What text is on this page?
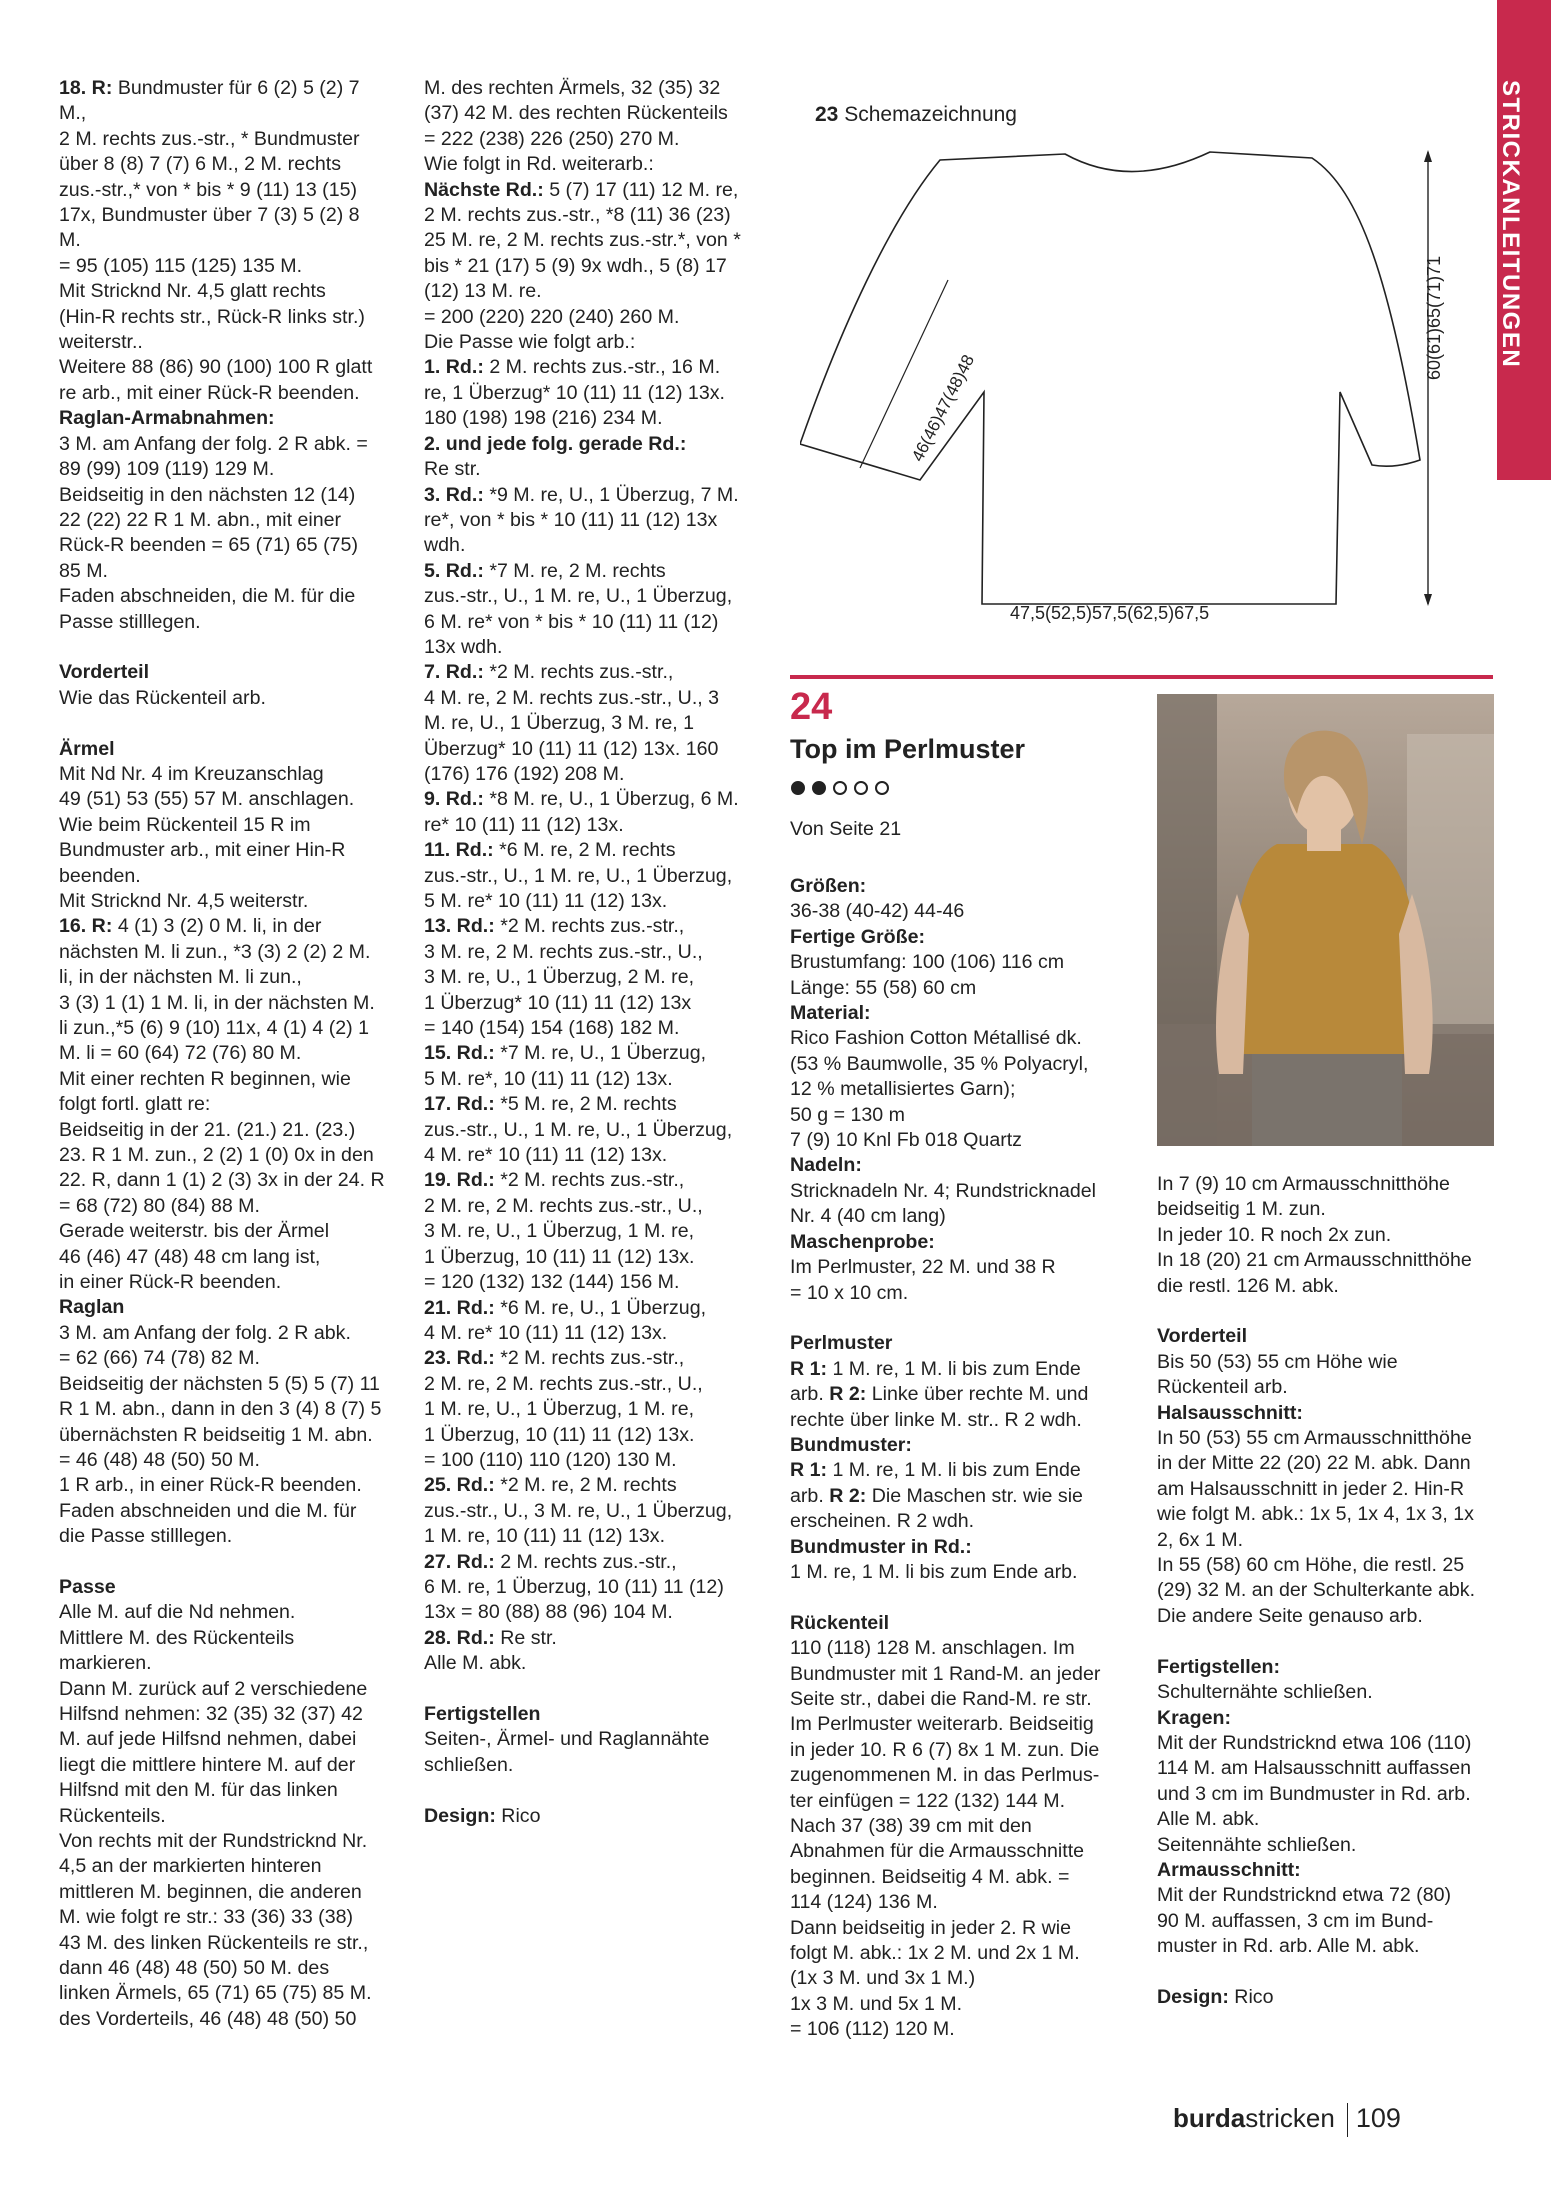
STRICKANLEITUNGEN
18. R: Bundmuster für 6 (2) 5 (2) 7
M.,
2 M. rechts zus.-str., * Bundmuster
über 8 (8) 7 (7) 6 M., 2 M. rechts
zus.-str.,* von * bis * 9 (11) 13 (15)
17x, Bundmuster über 7 (3) 5 (2) 8
M.
= 95 (105) 115 (125) 135 M.
Mit Stricknd Nr. 4,5 glatt rechts
(Hin-R rechts str., Rück-R links str.)
weiterstr..
Weitere 88 (86) 90 (100) 100 R glatt
re arb., mit einer Rück-R beenden.
Raglan-Armabnahmen:
3 M. am Anfang der folg. 2 R abk. =
89 (99) 109 (119) 129 M.
Beidseitig in den nächsten 12 (14)
22 (22) 22 R 1 M. abn., mit einer
Rück-R beenden = 65 (71) 65 (75)
85 M.
Faden abschneiden, die M. für die
Passe stilllegen.
Vorderteil
Wie das Rückenteil arb.
Ärmel
Mit Nd Nr. 4 im Kreuzanschlag
49 (51) 53 (55) 57 M. anschlagen.
Wie beim Rückenteil 15 R im
Bundmuster arb., mit einer Hin-R
beenden.
Mit Stricknd Nr. 4,5 weiterstr.
16. R: 4 (1) 3 (2) 0 M. li, in der
nächsten M. li zun., *3 (3) 2 (2) 2 M.
li, in der nächsten M. li zun.,
3 (3) 1 (1) 1 M. li, in der nächsten M.
li zun.,*5 (6) 9 (10) 11x, 4 (1) 4 (2) 1
M. li = 60 (64) 72 (76) 80 M.
Mit einer rechten R beginnen, wie
folgt fortl. glatt re:
Beidseitig in der 21. (21.) 21. (23.)
23. R 1 M. zun., 2 (2) 1 (0) 0x in den
22. R, dann 1 (1) 2 (3) 3x in der 24. R
= 68 (72) 80 (84) 88 M.
Gerade weiterstr. bis der Ärmel
46 (46) 47 (48) 48 cm lang ist,
in einer Rück-R beenden.
Raglan
3 M. am Anfang der folg. 2 R abk.
= 62 (66) 74 (78) 82 M.
Beidseitig der nächsten 5 (5) 5 (7) 11
R 1 M. abn., dann in den 3 (4) 8 (7) 5
übernächsten R beidseitig 1 M. abn.
= 46 (48) 48 (50) 50 M.
1 R arb., in einer Rück-R beenden.
Faden abschneiden und die M. für
die Passe stilllegen.
Passe
Alle M. auf die Nd nehmen.
Mittlere M. des Rückenteils
markieren.
Dann M. zurück auf 2 verschiedene
Hilfsnd nehmen: 32 (35) 32 (37) 42
M. auf jede Hilfsnd nehmen, dabei
liegt die mittlere hintere M. auf der
Hilfsnd mit den M. für das linken
Rückenteils.
Von rechts mit der Rundstricknd Nr.
4,5 an der markierten hinteren
mittleren M. beginnen, die anderen
M. wie folgt re str.: 33 (36) 33 (38)
43 M. des linken Rückenteils re str.,
dann 46 (48) 48 (50) 50 M. des
linken Ärmels, 65 (71) 65 (75) 85 M.
des Vorderteils, 46 (48) 48 (50) 50
M. des rechten Ärmels, 32 (35) 32
(37) 42 M. des rechten Rückenteils
= 222 (238) 226 (250) 270 M.
Wie folgt in Rd. weiterarb.:
Nächste Rd.: 5 (7) 17 (11) 12 M. re,
2 M. rechts zus.-str., *8 (11) 36 (23)
25 M. re, 2 M. rechts zus.-str.*, von *
bis * 21 (17) 5 (9) 9x wdh., 5 (8) 17
(12) 13 M. re.
= 200 (220) 220 (240) 260 M.
Die Passe wie folgt arb.:
1. Rd.: 2 M. rechts zus.-str., 16 M.
re, 1 Überzug* 10 (11) 11 (12) 13x.
180 (198) 198 (216) 234 M.
2. und jede folg. gerade Rd.:
Re str.
3. Rd.: *9 M. re, U., 1 Überzug, 7 M.
re*, von * bis * 10 (11) 11 (12) 13x
wdh.
5. Rd.: *7 M. re, 2 M. rechts
zus.-str., U., 1 M. re, U., 1 Überzug,
6 M. re* von * bis * 10 (11) 11 (12)
13x wdh.
7. Rd.: *2 M. rechts zus.-str.,
4 M. re, 2 M. rechts zus.-str., U., 3
M. re, U., 1 Überzug, 3 M. re, 1
Überzug* 10 (11) 11 (12) 13x. 160
(176) 176 (192) 208 M.
9. Rd.: *8 M. re, U., 1 Überzug, 6 M.
re* 10 (11) 11 (12) 13x.
11. Rd.: *6 M. re, 2 M. rechts
zus.-str., U., 1 M. re, U., 1 Überzug,
5 M. re* 10 (11) 11 (12) 13x.
13. Rd.: *2 M. rechts zus.-str.,
3 M. re, 2 M. rechts zus.-str., U.,
3 M. re, U., 1 Überzug, 2 M. re,
1 Überzug* 10 (11) 11 (12) 13x
= 140 (154) 154 (168) 182 M.
15. Rd.: *7 M. re, U., 1 Überzug,
5 M. re*, 10 (11) 11 (12) 13x.
17. Rd.: *5 M. re, 2 M. rechts
zus.-str., U., 1 M. re, U., 1 Überzug,
4 M. re* 10 (11) 11 (12) 13x.
19. Rd.: *2 M. rechts zus.-str.,
2 M. re, 2 M. rechts zus.-str., U.,
3 M. re, U., 1 Überzug, 1 M. re,
1 Überzug, 10 (11) 11 (12) 13x.
= 120 (132) 132 (144) 156 M.
21. Rd.: *6 M. re, U., 1 Überzug,
4 M. re* 10 (11) 11 (12) 13x.
23. Rd.: *2 M. rechts zus.-str.,
2 M. re, 2 M. rechts zus.-str., U.,
1 M. re, U., 1 Überzug, 1 M. re,
1 Überzug, 10 (11) 11 (12) 13x.
= 100 (110) 110 (120) 130 M.
25. Rd.: *2 M. re, 2 M. rechts
zus.-str., U., 3 M. re, U., 1 Überzug,
1 M. re, 10 (11) 11 (12) 13x.
27. Rd.: 2 M. rechts zus.-str.,
6 M. re, 1 Überzug, 10 (11) 11 (12)
13x = 80 (88) 88 (96) 104 M.
28. Rd.: Re str.
Alle M. abk.
Fertigstellen
Seiten-, Ärmel- und Raglannähte
schließen.
Design: Rico
23 Schemazeichnung
47,5(52,5)57,5(62,5)67,5
60(61)65(71)71
46(46)47(48)48
24
Top im Perlmuster
Von Seite 21
Größen:
36-38 (40-42) 44-46
Fertige Größe:
Brustumfang: 100 (106) 116 cm
Länge: 55 (58) 60 cm
Material:
Rico Fashion Cotton Métallisé dk.
(53 % Baumwolle, 35 % Polyacryl,
12 % metallisiertes Garn);
50 g = 130 m
7 (9) 10 Knl Fb 018 Quartz
Nadeln:
Stricknadeln Nr. 4; Rundstricknadel
Nr. 4 (40 cm lang)
Maschenprobe:
Im Perlmuster, 22 M. und 38 R
= 10 x 10 cm.
Perlmuster
R 1: 1 M. re, 1 M. li bis zum Ende
arb. R 2: Linke über rechte M. und
rechte über linke M. str.. R 2 wdh.
Bundmuster:
R 1: 1 M. re, 1 M. li bis zum Ende
arb. R 2: Die Maschen str. wie sie
erscheinen. R 2 wdh.
Bundmuster in Rd.:
1 M. re, 1 M. li bis zum Ende arb.
Rückenteil
110 (118) 128 M. anschlagen. Im
Bundmuster mit 1 Rand-M. an jeder
Seite str., dabei die Rand-M. re str.
Im Perlmuster weiterarb. Beidseitig
in jeder 10. R 6 (7) 8x 1 M. zun. Die
zugenommenen M. in das Perlmus-
ter einfügen = 122 (132) 144 M.
Nach 37 (38) 39 cm mit den
Abnahmen für die Armausschnitte
beginnen. Beidseitig 4 M. abk. =
114 (124) 136 M.
Dann beidseitig in jeder 2. R wie
folgt M. abk.: 1x 2 M. und 2x 1 M.
(1x 3 M. und 3x 1 M.)
1x 3 M. und 5x 1 M.
= 106 (112) 120 M.
In 7 (9) 10 cm Armausschnitthöhe
beidseitig 1 M. zun.
In jeder 10. R noch 2x zun.
In 18 (20) 21 cm Armausschnitthöhe
die restl. 126 M. abk.
Vorderteil
Bis 50 (53) 55 cm Höhe wie
Rückenteil arb.
Halsausschnitt:
In 50 (53) 55 cm Armausschnitthöhe
in der Mitte 22 (20) 22 M. abk. Dann
am Halsausschnitt in jeder 2. Hin-R
wie folgt M. abk.: 1x 5, 1x 4, 1x 3, 1x
2, 6x 1 M.
In 55 (58) 60 cm Höhe, die restl. 25
(29) 32 M. an der Schulterkante abk.
Die andere Seite genauso arb.
Fertigstellen:
Schulternähte schließen.
Kragen:
Mit der Rundstricknd etwa 106 (110)
114 M. am Halsausschnitt auffassen
und 3 cm im Bundmuster in Rd. arb.
Alle M. abk.
Seitennähte schließen.
Armausschnitt:
Mit der Rundstricknd etwa 72 (80)
90 M. auffassen, 3 cm im Bund-
muster in Rd. arb. Alle M. abk.
Design: Rico
burdastricken 109
